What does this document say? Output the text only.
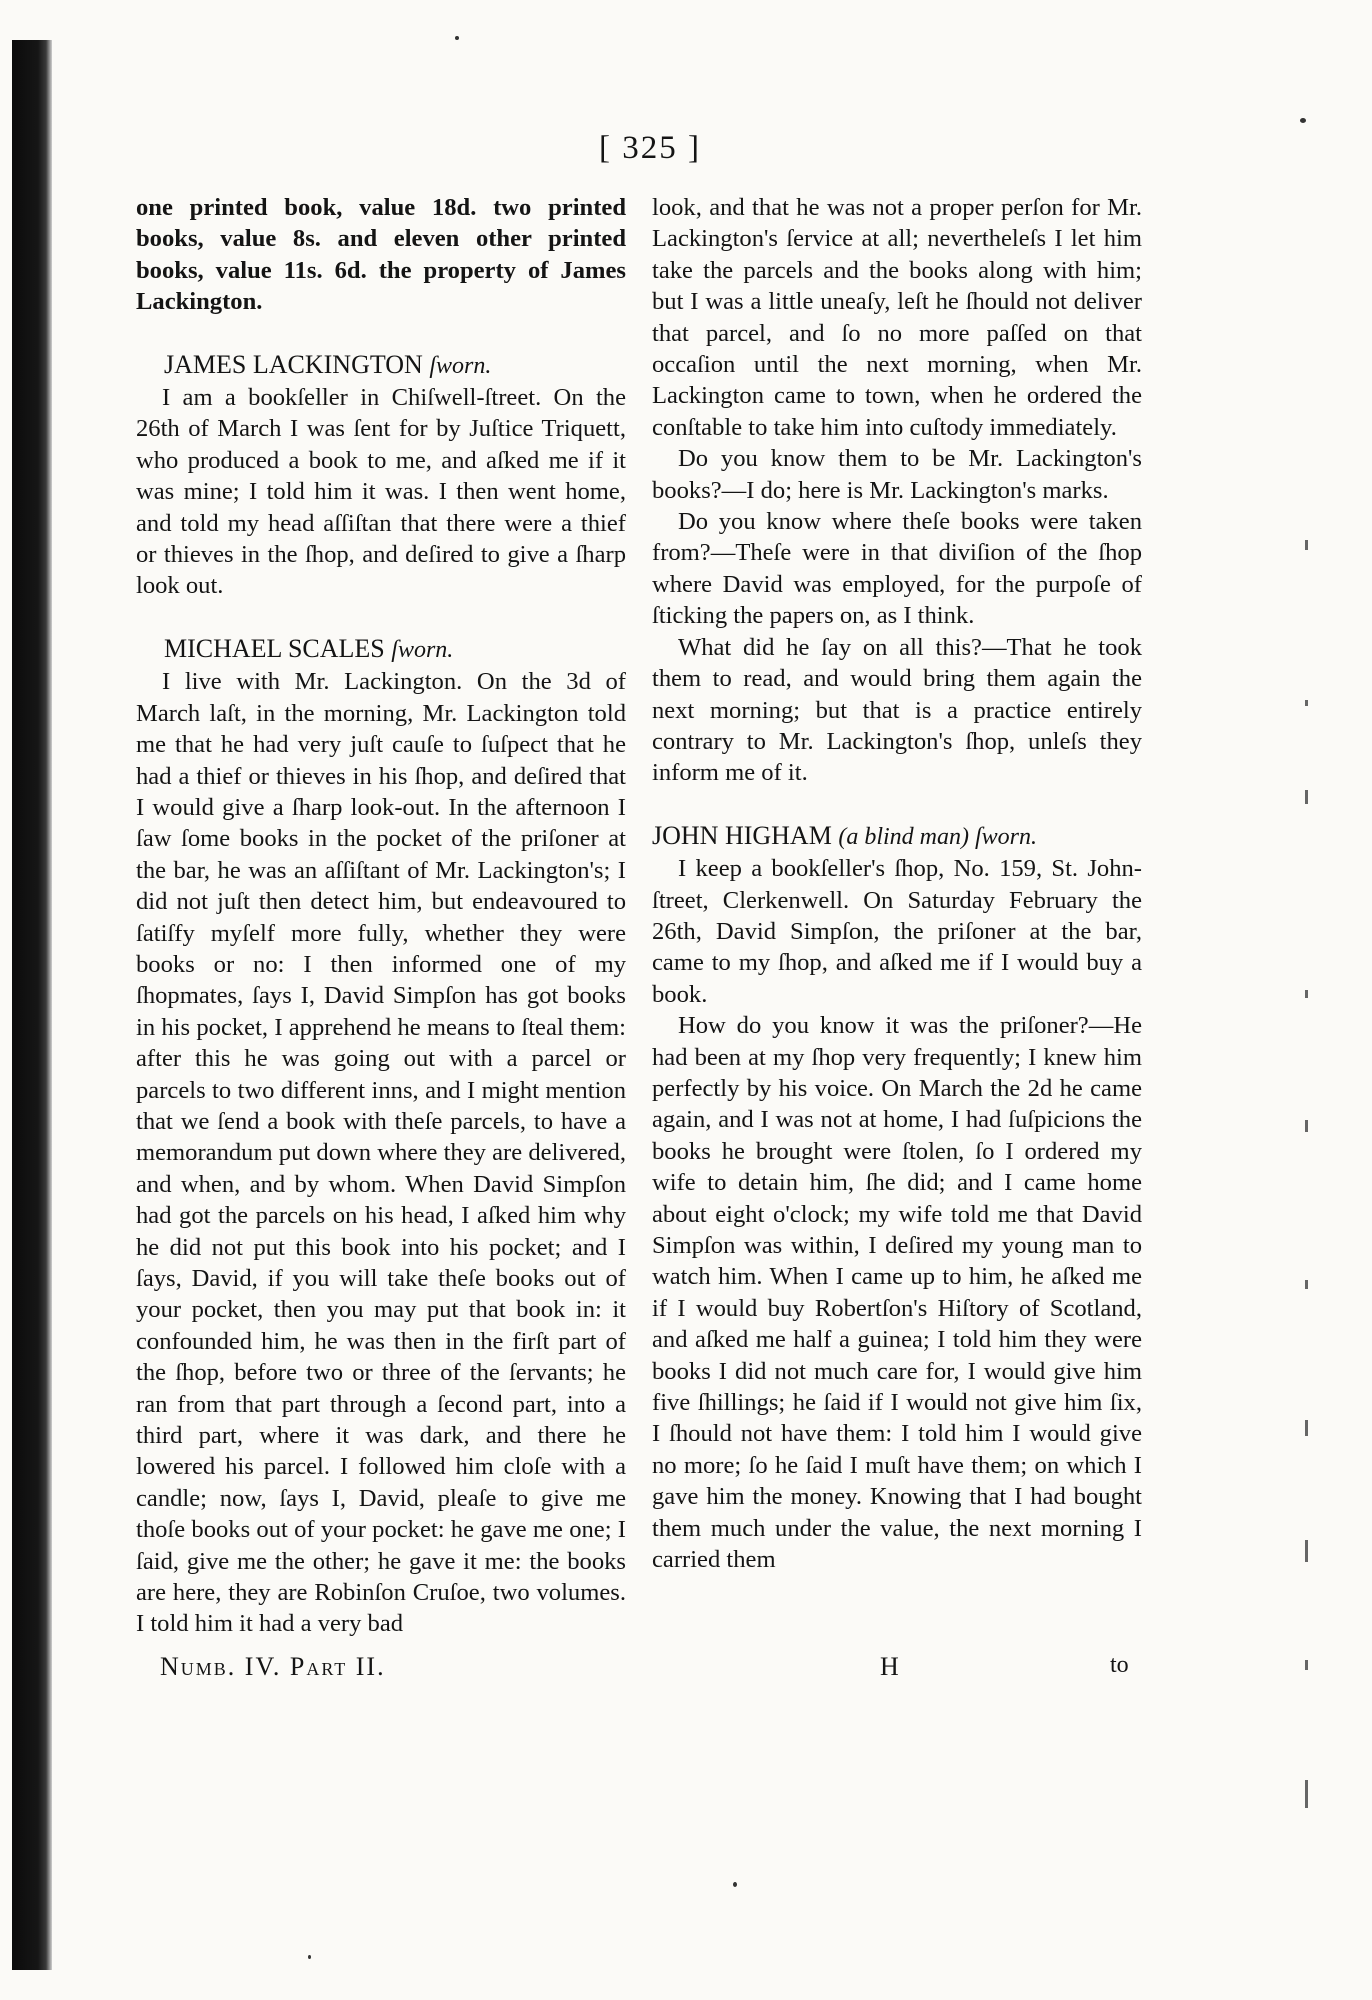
[ 325 ]

one printed book, value 18d. two printed books, value 8s. and eleven other printed books, value 11s. 6d. the property of James Lackington.

JAMES LACKINGTON ſworn.

I am a bookſeller in Chiſwell-ſtreet. On the 26th of March I was ſent for by Juſtice Triquett, who produced a book to me, and aſked me if it was mine; I told him it was. I then went home, and told my head aſſiſtan that there were a thief or thieves in the ſhop, and deſired to give a ſharp look out.

MICHAEL SCALES ſworn.

I live with Mr. Lackington. On the 3d of March laſt, in the morning, Mr. Lackington told me that he had very juſt cauſe to ſuſpect that he had a thief or thieves in his ſhop, and deſired that I would give a ſharp look-out. In the afternoon I ſaw ſome books in the pocket of the priſoner at the bar, he was an aſſiſtant of Mr. Lackington's; I did not juſt then detect him, but endeavoured to ſatiſfy myſelf more fully, whether they were books or no: I then informed one of my ſhopmates, ſays I, David Simpſon has got books in his pocket, I apprehend he means to ſteal them: after this he was going out with a parcel or parcels to two different inns, and I might mention that we ſend a book with theſe parcels, to have a memorandum put down where they are delivered, and when, and by whom. When David Simpſon had got the parcels on his head, I aſked him why he did not put this book into his pocket; and I ſays, David, if you will take theſe books out of your pocket, then you may put that book in: it confounded him, he was then in the firſt part of the ſhop, before two or three of the ſervants; he ran from that part through a ſecond part, into a third part, where it was dark, and there he lowered his parcel. I followed him cloſe with a candle; now, ſays I, David, pleaſe to give me thoſe books out of your pocket: he gave me one; I ſaid, give me the other; he gave it me: the books are here, they are Robinſon Cruſoe, two volumes. I told him it had a very bad

look, and that he was not a proper perſon for Mr. Lackington's ſervice at all; nevertheleſs I let him take the parcels and the books along with him; but I was a little uneaſy, leſt he ſhould not deliver that parcel, and ſo no more paſſed on that occaſion until the next morning, when Mr. Lackington came to town, when he ordered the conſtable to take him into cuſtody immediately.

Do you know them to be Mr. Lackington's books?—I do; here is Mr. Lackington's marks.

Do you know where theſe books were taken from?—Theſe were in that diviſion of the ſhop where David was employed, for the purpoſe of ſticking the papers on, as I think.

What did he ſay on all this?—That he took them to read, and would bring them again the next morning; but that is a practice entirely contrary to Mr. Lackington's ſhop, unleſs they inform me of it.

JOHN HIGHAM (a blind man) ſworn.

I keep a bookſeller's ſhop, No. 159, St. John-ſtreet, Clerkenwell. On Saturday February the 26th, David Simpſon, the priſoner at the bar, came to my ſhop, and aſked me if I would buy a book.

How do you know it was the priſoner?—He had been at my ſhop very frequently; I knew him perfectly by his voice. On March the 2d he came again, and I was not at home, I had ſuſpicions the books he brought were ſtolen, ſo I ordered my wife to detain him, ſhe did; and I came home about eight o'clock; my wife told me that David Simpſon was within, I deſired my young man to watch him. When I came up to him, he aſked me if I would buy Robertſon's Hiſtory of Scotland, and aſked me half a guinea; I told him they were books I did not much care for, I would give him five ſhillings; he ſaid if I would not give him ſix, I ſhould not have them: I told him I would give no more; ſo he ſaid I muſt have them; on which I gave him the money. Knowing that I had bought them much under the value, the next morning I carried them

Numb. IV. Part II.	H	to
